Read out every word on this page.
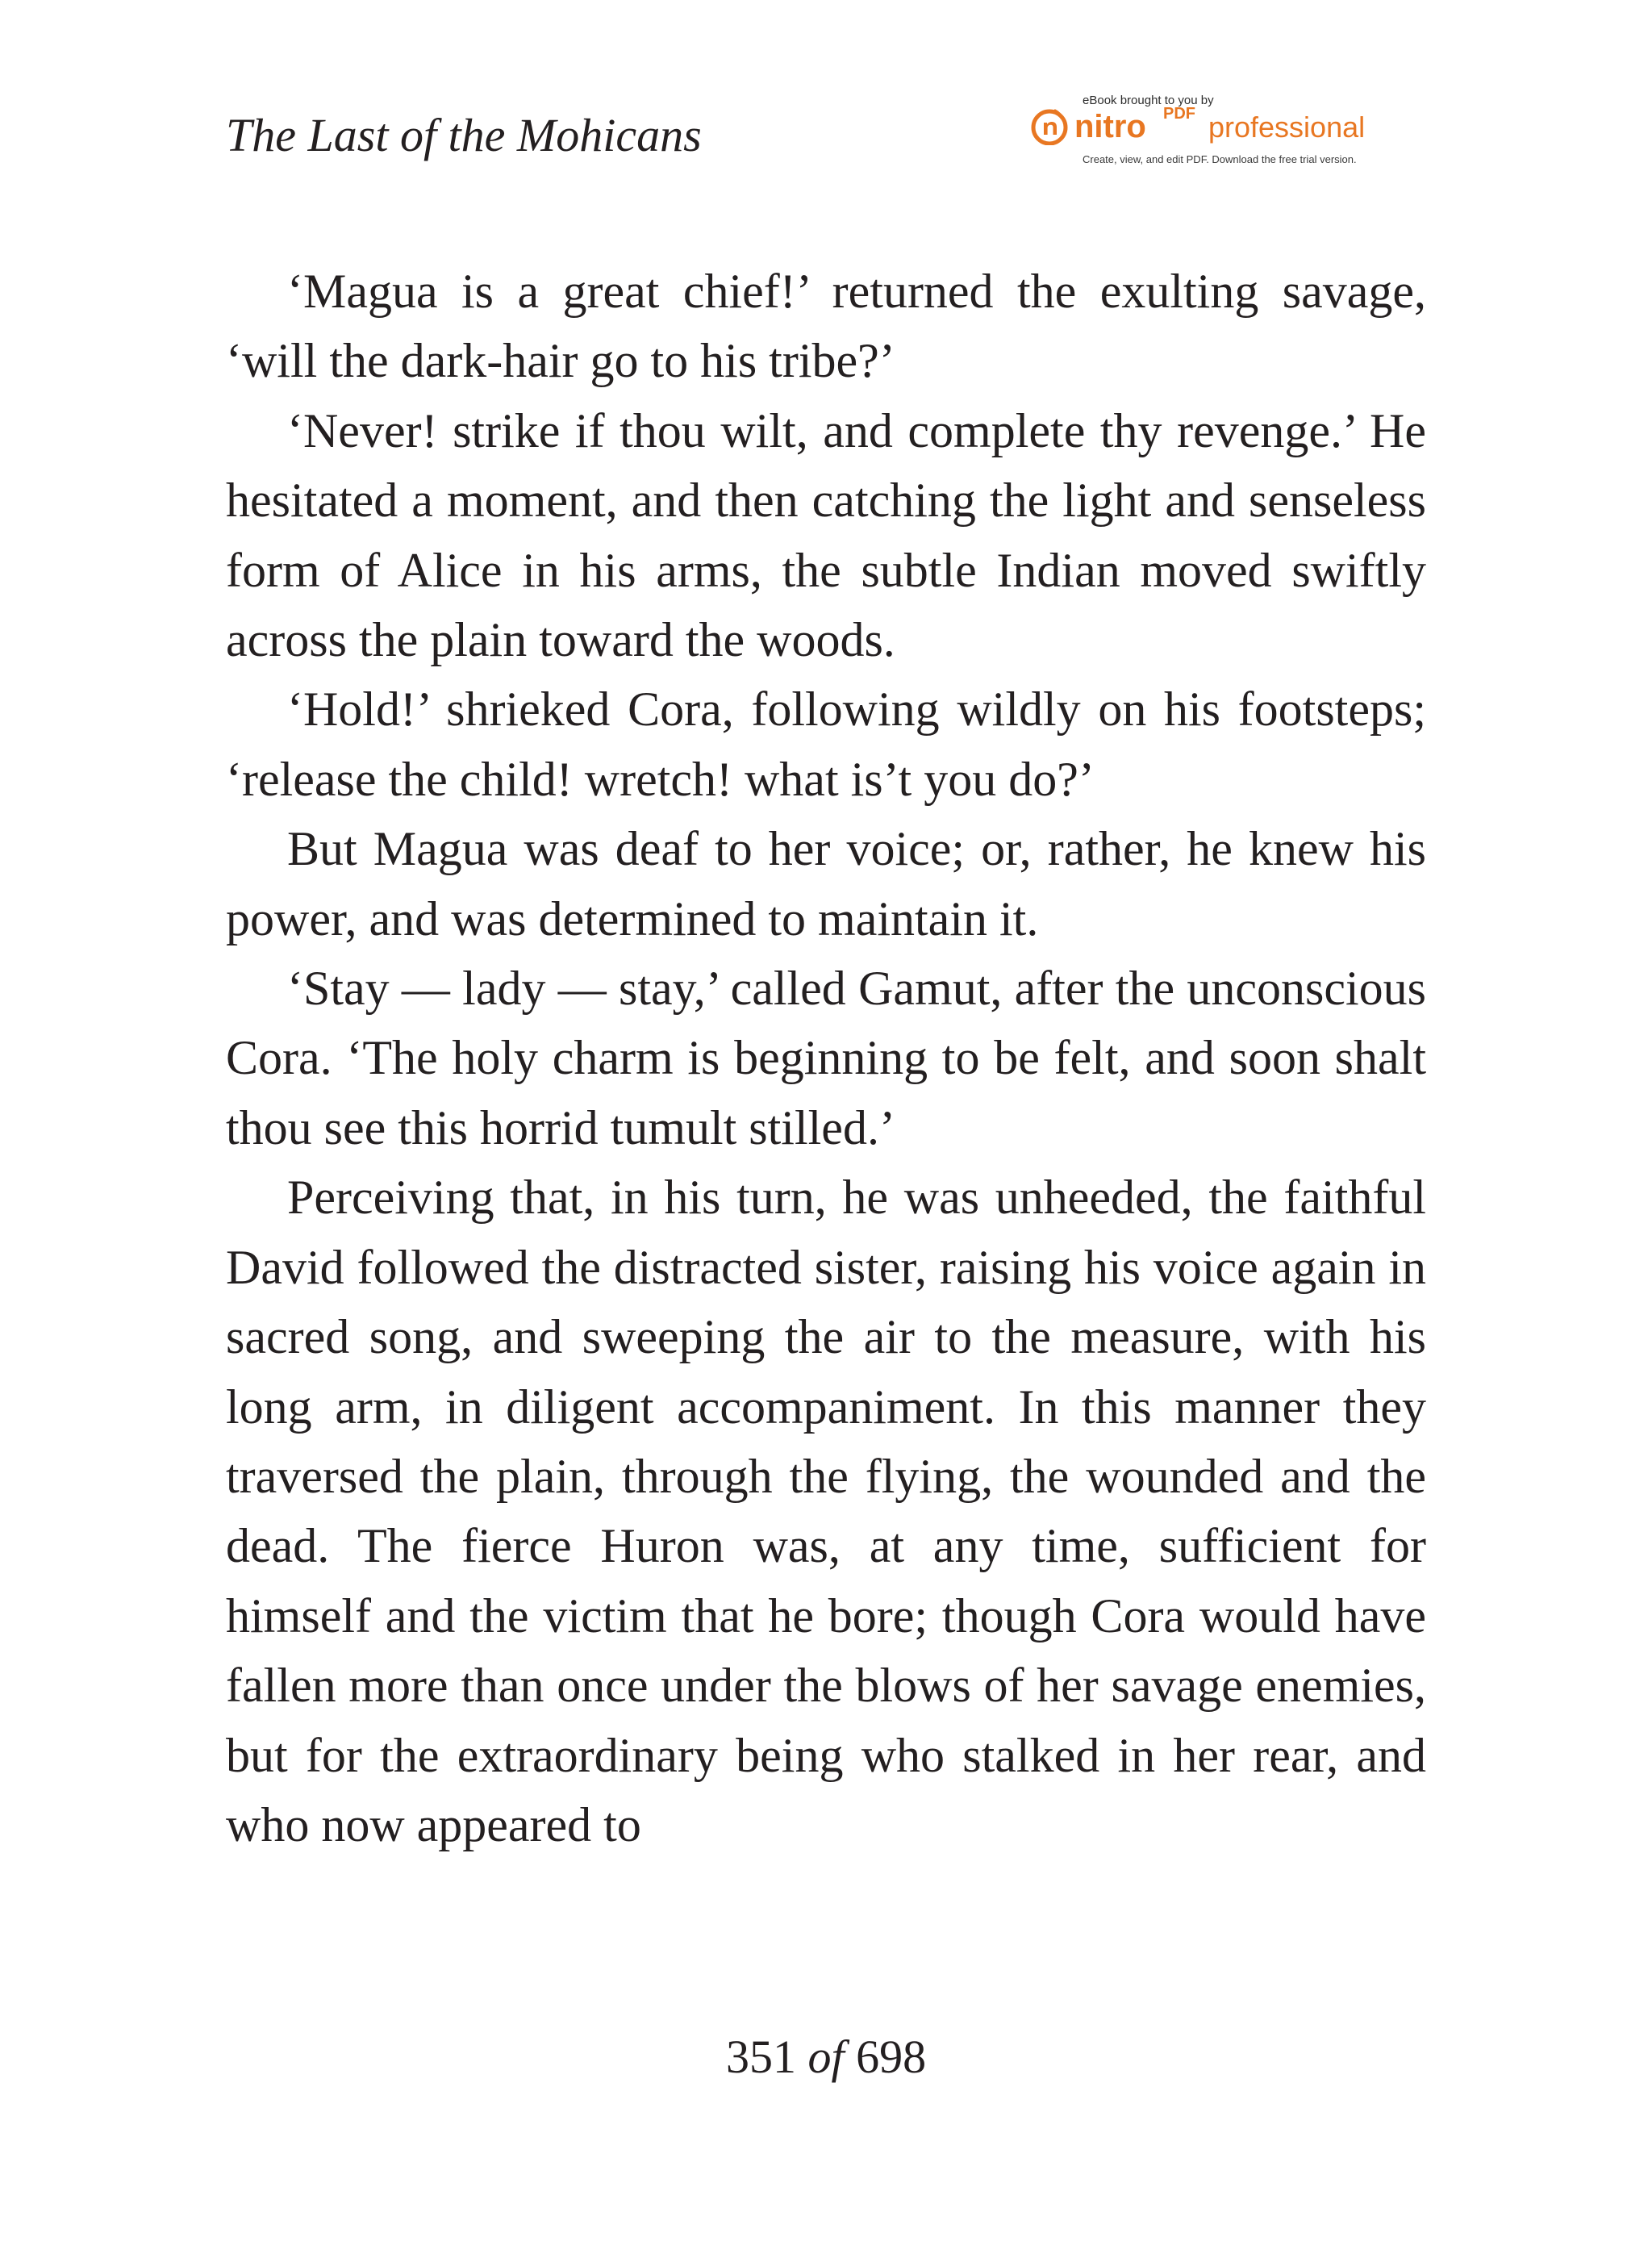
The Last of the Mohicans
eBook brought to you by
nitro PDF professional
Create, view, and edit PDF. Download the free trial version.

‘Magua is a great chief!’ returned the exulting savage, ‘will the dark-hair go to his tribe?’

‘Never! strike if thou wilt, and complete thy revenge.’ He hesitated a moment, and then catching the light and senseless form of Alice in his arms, the subtle Indian moved swiftly across the plain toward the woods.

‘Hold!’ shrieked Cora, following wildly on his footsteps; ‘release the child! wretch! what is’t you do?’

But Magua was deaf to her voice; or, rather, he knew his power, and was determined to maintain it.

‘Stay — lady — stay,’ called Gamut, after the unconscious Cora. ‘The holy charm is beginning to be felt, and soon shalt thou see this horrid tumult stilled.’

Perceiving that, in his turn, he was unheeded, the faithful David followed the distracted sister, raising his voice again in sacred song, and sweeping the air to the measure, with his long arm, in diligent accompaniment. In this manner they traversed the plain, through the flying, the wounded and the dead. The fierce Huron was, at any time, sufficient for himself and the victim that he bore; though Cora would have fallen more than once under the blows of her savage enemies, but for the extraordinary being who stalked in her rear, and who now appeared to

351 of 698
